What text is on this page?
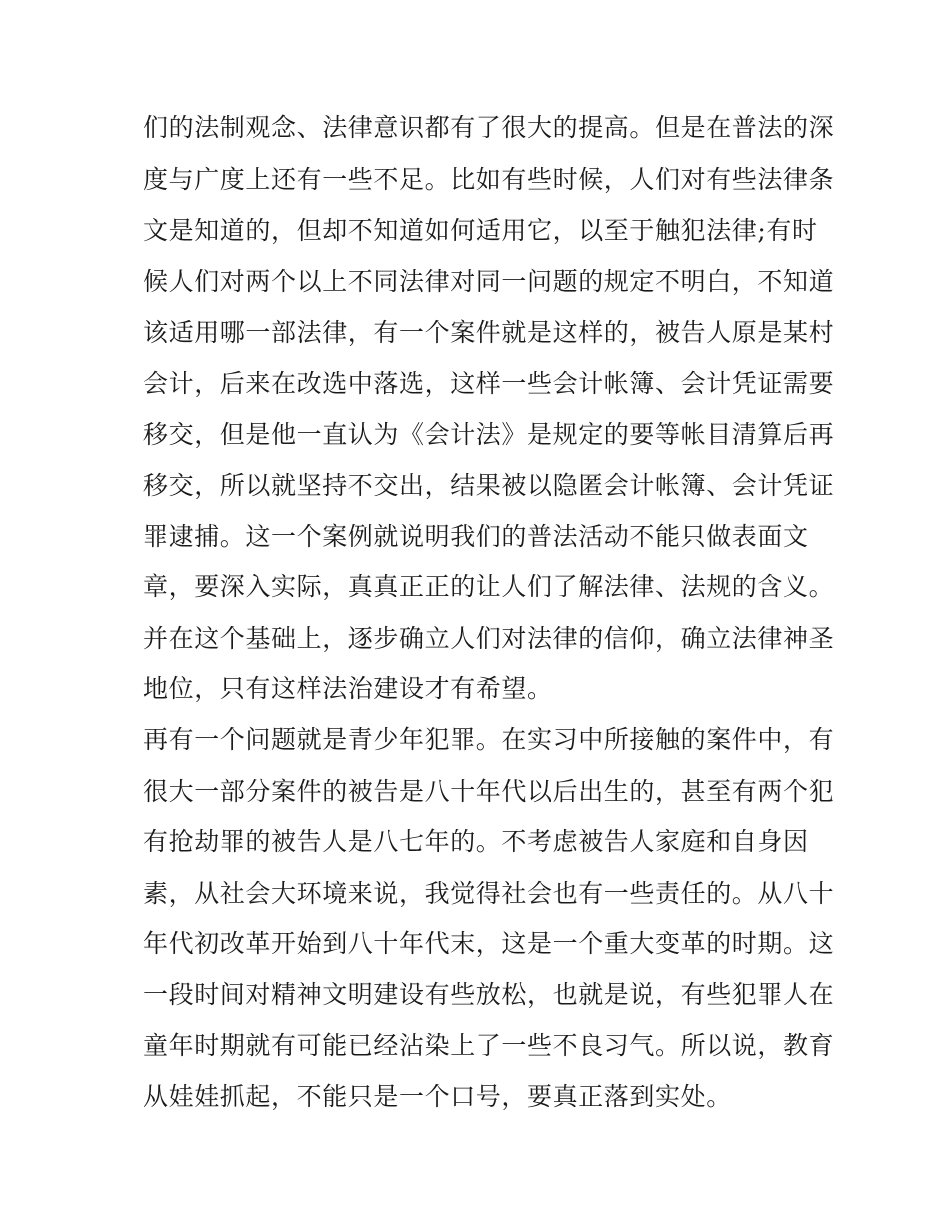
们的法制观念、法律意识都有了很大的提高。但是在普法的深
度与广度上还有一些不足。比如有些时候，人们对有些法律条
文是知道的，但却不知道如何适用它，以至于触犯法律;有时
候人们对两个以上不同法律对同一问题的规定不明白，不知道
该适用哪一部法律，有一个案件就是这样的，被告人原是某村
会计，后来在改选中落选，这样一些会计帐簿、会计凭证需要
移交，但是他一直认为《会计法》是规定的要等帐目清算后再
移交，所以就坚持不交出，结果被以隐匿会计帐簿、会计凭证
罪逮捕。这一个案例就说明我们的普法活动不能只做表面文
章，要深入实际，真真正正的让人们了解法律、法规的含义。
并在这个基础上，逐步确立人们对法律的信仰，确立法律神圣
地位，只有这样法治建设才有希望。
再有一个问题就是青少年犯罪。在实习中所接触的案件中，有
很大一部分案件的被告是八十年代以后出生的，甚至有两个犯
有抢劫罪的被告人是八七年的。不考虑被告人家庭和自身因
素，从社会大环境来说，我觉得社会也有一些责任的。从八十
年代初改革开始到八十年代末，这是一个重大变革的时期。这
一段时间对精神文明建设有些放松，也就是说，有些犯罪人在
童年时期就有可能已经沾染上了一些不良习气。所以说，教育
从娃娃抓起，不能只是一个口号，要真正落到实处。
